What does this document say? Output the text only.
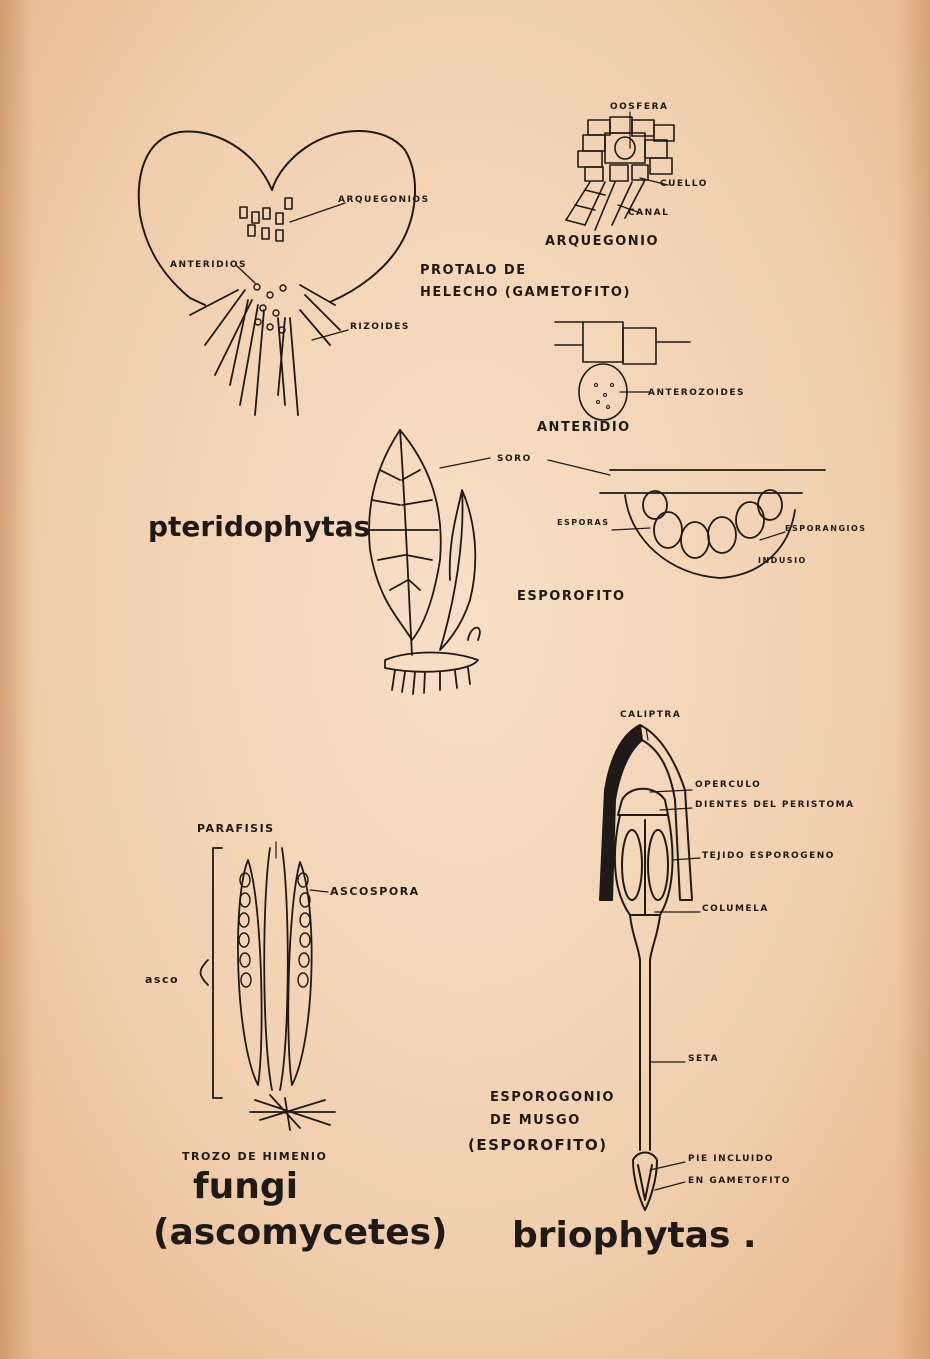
ARQUEGONIOS
ANTERIDIOS
RIZOIDES
PROTALO DE
HELECHO (GAMETOFITO)
OOSFERA
CUELLO
CANAL
ARQUEGONIO
ANTEROZOIDES
ANTERIDIO
SORO
ESPORAS
ESPORANGIOS
INDUSIO
ESPOROFITO
pteridophytas
CALIPTRA
OPERCULO
DIENTES DEL PERISTOMA
TEJIDO ESPOROGENO
COLUMELA
SETA
PIE INCLUIDO
EN GAMETOFITO
ESPOROGONIO
DE MUSGO
(ESPOROFITO)
briophytas .
PARAFISIS
ASCOSPORA
asco
TROZO DE HIMENIO
fungi
(ascomycetes)
